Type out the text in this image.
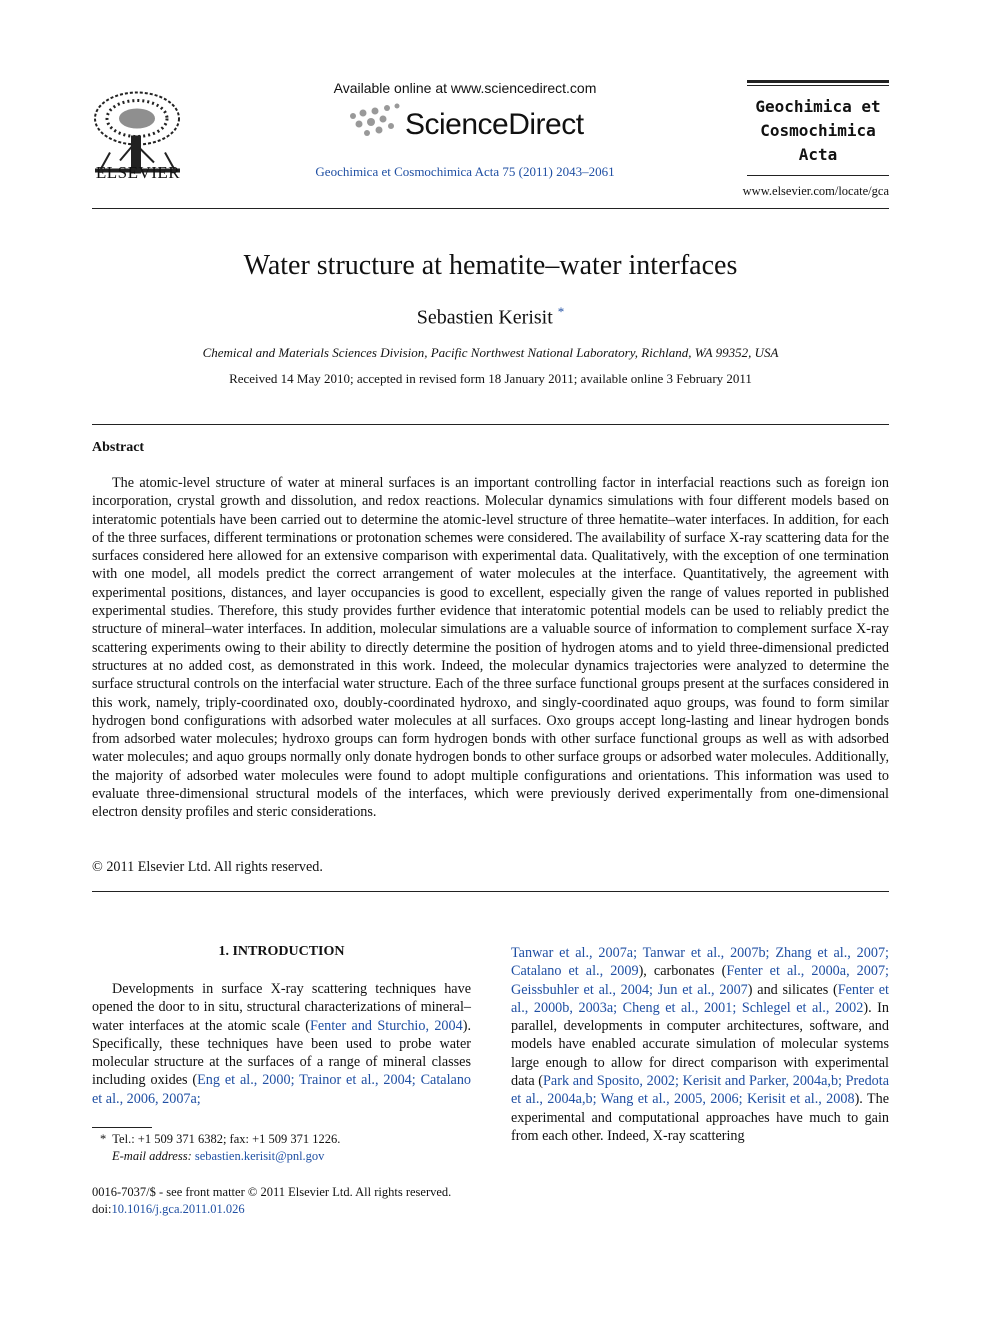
ELSEVIER
Available online at www.sciencedirect.com
ScienceDirect
Geochimica et Cosmochimica Acta 75 (2011) 2043–2061
Geochimica et
Cosmochimica
Acta
www.elsevier.com/locate/gca
Water structure at hematite–water interfaces
Sebastien Kerisit *
Chemical and Materials Sciences Division, Pacific Northwest National Laboratory, Richland, WA 99352, USA
Received 14 May 2010; accepted in revised form 18 January 2011; available online 3 February 2011
Abstract
The atomic-level structure of water at mineral surfaces is an important controlling factor in interfacial reactions such as foreign ion incorporation, crystal growth and dissolution, and redox reactions. Molecular dynamics simulations with four different models based on interatomic potentials have been carried out to determine the atomic-level structure of three hematite–water interfaces. In addition, for each of the three surfaces, different terminations or protonation schemes were considered. The availability of surface X-ray scattering data for the surfaces considered here allowed for an extensive comparison with experimental data. Qualitatively, with the exception of one termination with one model, all models predict the correct arrangement of water molecules at the interface. Quantitatively, the agreement with experimental positions, distances, and layer occupancies is good to excellent, especially given the range of values reported in published experimental studies. Therefore, this study provides further evidence that interatomic potential models can be used to reliably predict the structure of mineral–water interfaces. In addition, molecular simulations are a valuable source of information to complement surface X-ray scattering experiments owing to their ability to directly determine the position of hydrogen atoms and to yield three-dimensional predicted structures at no added cost, as demonstrated in this work. Indeed, the molecular dynamics trajectories were analyzed to determine the surface structural controls on the interfacial water structure. Each of the three surface functional groups present at the surfaces considered in this work, namely, triply-coordinated oxo, doubly-coordinated hydroxo, and singly-coordinated aquo groups, was found to form similar hydrogen bond configurations with adsorbed water molecules at all surfaces. Oxo groups accept long-lasting and linear hydrogen bonds from adsorbed water molecules; hydroxo groups can form hydrogen bonds with other surface functional groups as well as with adsorbed water molecules; and aquo groups normally only donate hydrogen bonds to other surface groups or adsorbed water molecules. Additionally, the majority of adsorbed water molecules were found to adopt multiple configurations and orientations. This information was used to evaluate three-dimensional structural models of the interfaces, which were previously derived experimentally from one-dimensional electron density profiles and steric considerations.
© 2011 Elsevier Ltd. All rights reserved.
1. INTRODUCTION
Developments in surface X-ray scattering techniques have opened the door to in situ, structural characterizations of mineral–water interfaces at the atomic scale (Fenter and Sturchio, 2004). Specifically, these techniques have been used to probe water molecular structure at the surfaces of a range of mineral classes including oxides (Eng et al., 2000; Trainor et al., 2004; Catalano et al., 2006, 2007a;
Tanwar et al., 2007a; Tanwar et al., 2007b; Zhang et al., 2007; Catalano et al., 2009), carbonates (Fenter et al., 2000a, 2007; Geissbuhler et al., 2004; Jun et al., 2007) and silicates (Fenter et al., 2000b, 2003a; Cheng et al., 2001; Schlegel et al., 2002). In parallel, developments in computer architectures, software, and models have enabled accurate simulation of molecular systems large enough to allow for direct comparison with experimental data (Park and Sposito, 2002; Kerisit and Parker, 2004a,b; Predota et al., 2004a,b; Wang et al., 2005, 2006; Kerisit et al., 2008). The experimental and computational approaches have much to gain from each other. Indeed, X-ray scattering
* Tel.: +1 509 371 6382; fax: +1 509 371 1226.
E-mail address: sebastien.kerisit@pnl.gov
0016-7037/$ - see front matter © 2011 Elsevier Ltd. All rights reserved.
doi:10.1016/j.gca.2011.01.026
